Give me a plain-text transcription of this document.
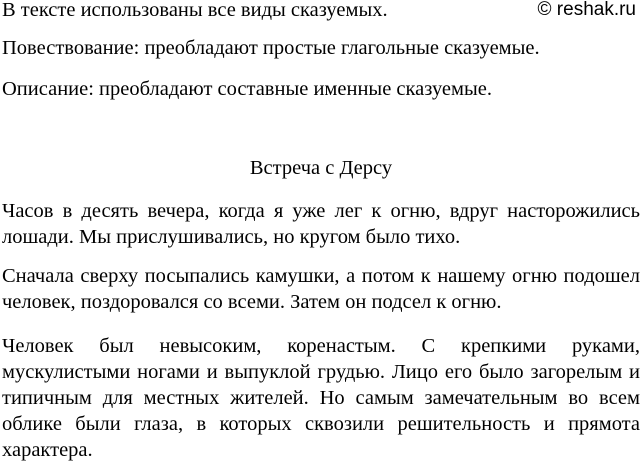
© reshak.ru

В тексте использованы все виды сказуемых.

Повествование: преобладают простые глагольные сказуемые.

Описание: преобладают составные именные сказуемые.

Встреча с Дерсу

Часов в десять вечера, когда я уже лег к огню, вдруг насторожились лошади. Мы прислушивались, но кругом было тихо.

Сначала сверху посыпались камушки, а потом к нашему огню подошел человек, поздоровался со всеми. Затем он подсел к огню.

Человек был невысоким, коренастым. С крепкими руками, мускулистыми ногами и выпуклой грудью. Лицо его было загорелым и типичным для местных жителей. Но самым замечательным во всем облике были глаза, в которых сквозили решительность и прямота характера.
